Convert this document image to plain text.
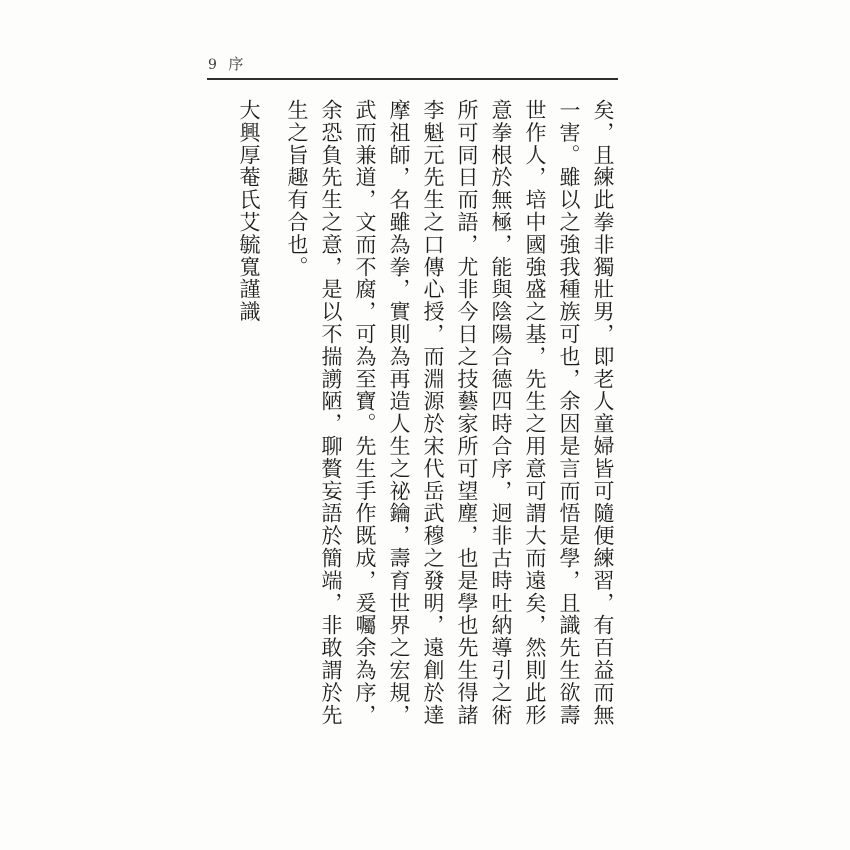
9 序
矣，且練此拳非獨壯男，即老人童婦皆可隨便練習，有百益而無
一害。雖以之強我種族可也，余因是言而悟是學，且識先生欲壽
世作人，培中國強盛之基，先生之用意可謂大而遠矣，然則此形
意拳根於無極，能與陰陽合德四時合序，迥非古時吐納導引之術
所可同日而語，尤非今日之技藝家所可望塵，也是學也先生得諸
李魁元先生之口傳心授，而淵源於宋代岳武穆之發明，遠創於達
摩祖師，名雖為拳，實則為再造人生之祕鑰，壽育世界之宏規，
武而兼道，文而不腐，可為至寶。先生手作既成，爰囑余為序，
余恐負先生之意，是以不揣謭陋，聊贅妄語於簡端，非敢謂於先
生之旨趣有合也。
大興厚菴氏艾毓寬謹識
